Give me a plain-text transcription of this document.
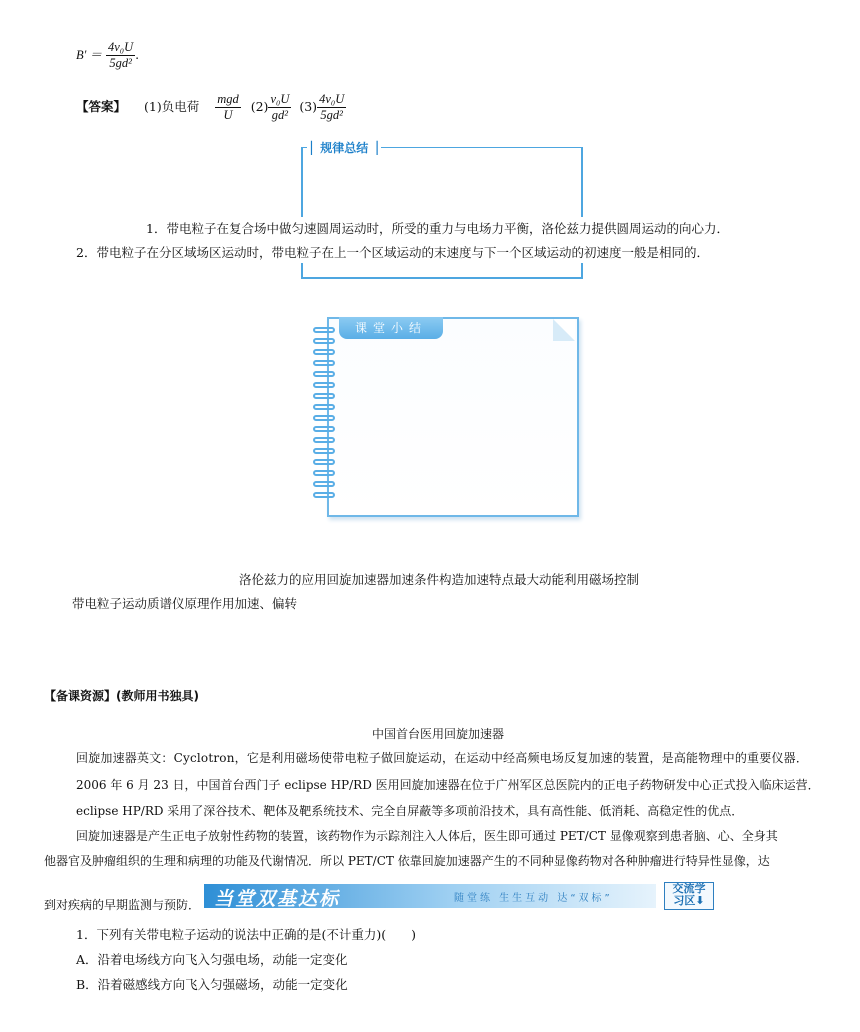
$B' = \frac{\text{4v₀U}}{\text{5gd²}}$ .
【答案】 (1)负电荷 $\frac{\text{mgd}}{U} (2) \frac{\text{v₀U}}{\text{gd²}} (3) \frac{\text{4v₀U}}{\text{5gd²}}$
▏规律总结▕
1．带电粒子在复合场中做匀速圆周运动时，所受的重力与电场力平衡，洛伦兹力提供圆周运动的向心力．
2．带电粒子在分区域场区运动时，带电粒子在上一个区域运动的末速度与下一个区域运动的初速度一般是相同的．
课堂小结
洛伦兹力的应用回旋加速器加速条件构造加速特点最大动能利用磁场控制
带电粒子运动质谱仪原理作用加速、偏转
【备课资源】(教师用书独具)
中国首台医用回旋加速器
回旋加速器英文：Cyclotron，它是利用磁场使带电粒子做回旋运动，在运动中经高频电场反复加速的装置，是高能物理中的重要仪器．
2006 年 6 月 23 日，中国首台西门子 eclipse HP/RD 医用回旋加速器在位于广州军区总医院内的正电子药物研发中心正式投入临床运营．
eclipse HP/RD 采用了深谷技术、靶体及靶系统技术、完全自屏蔽等多项前沿技术，具有高性能、低消耗、高稳定性的优点．
回旋加速器是产生正电子放射性药物的装置，该药物作为示踪剂注入人体后，医生即可通过 PET/CT 显像观察到患者脑、心、全身其
他器官及肿瘤组织的生理和病理的功能及代谢情况．所以 PET/CT 依靠回旋加速器产生的不同种显像药物对各种肿瘤进行特异性显像，达
到对疾病的早期监测与预防． 当堂双基达标	随堂练 生生互动 达“双标”
交流学
习区⬇
1．下列有关带电粒子运动的说法中正确的是(不计重力)(　　)
A．沿着电场线方向飞入匀强电场，动能一定变化
B．沿着磁感线方向飞入匀强磁场，动能一定变化
